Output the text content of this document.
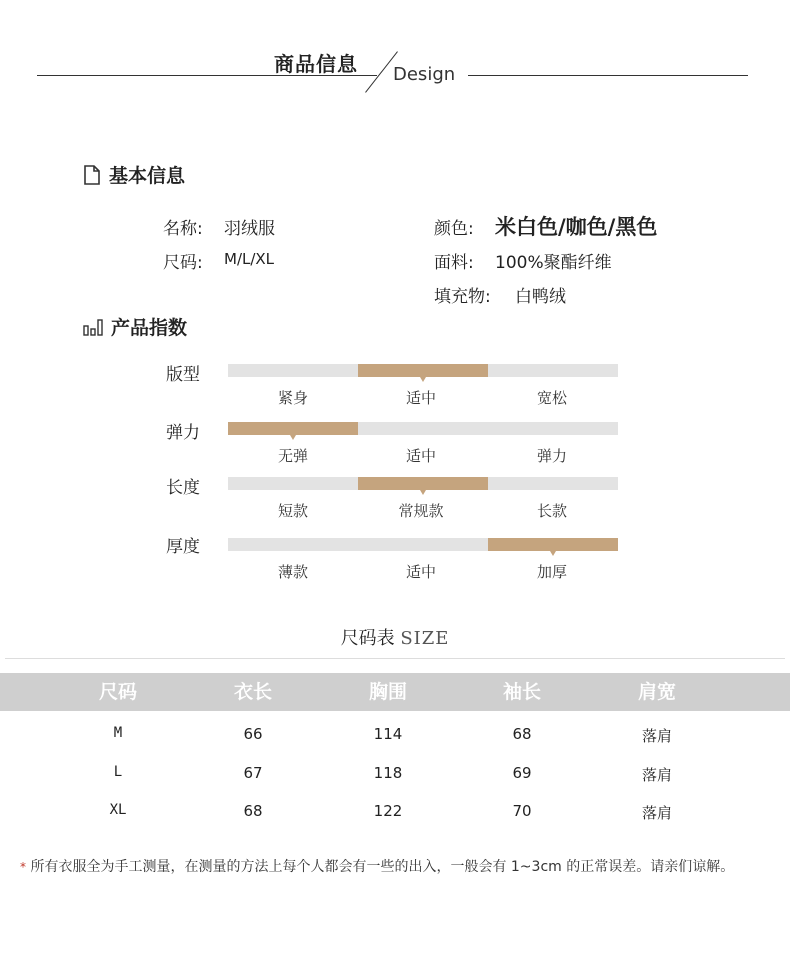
商品信息 Design
基本信息
名称: 羽绒服
尺码: M/L/XL
颜色: 米白色/咖色/黑色
面料: 100%聚酯纤维
填充物: 白鸭绒
产品指数
版型
紧身	适中	宽松
弹力
无弹	适中	弹力
长度
短款	常规款	长款
厚度
薄款	适中	加厚
尺码表 SIZE
尺码	衣长	胸围	袖长	肩宽
M	66	114	68	落肩
L	67	118	69	落肩
XL	68	122	70	落肩
* 所有衣服全为手工测量，在测量的方法上每个人都会有一些的出入，一般会有 1~3cm 的正常误差。请亲们谅解。
